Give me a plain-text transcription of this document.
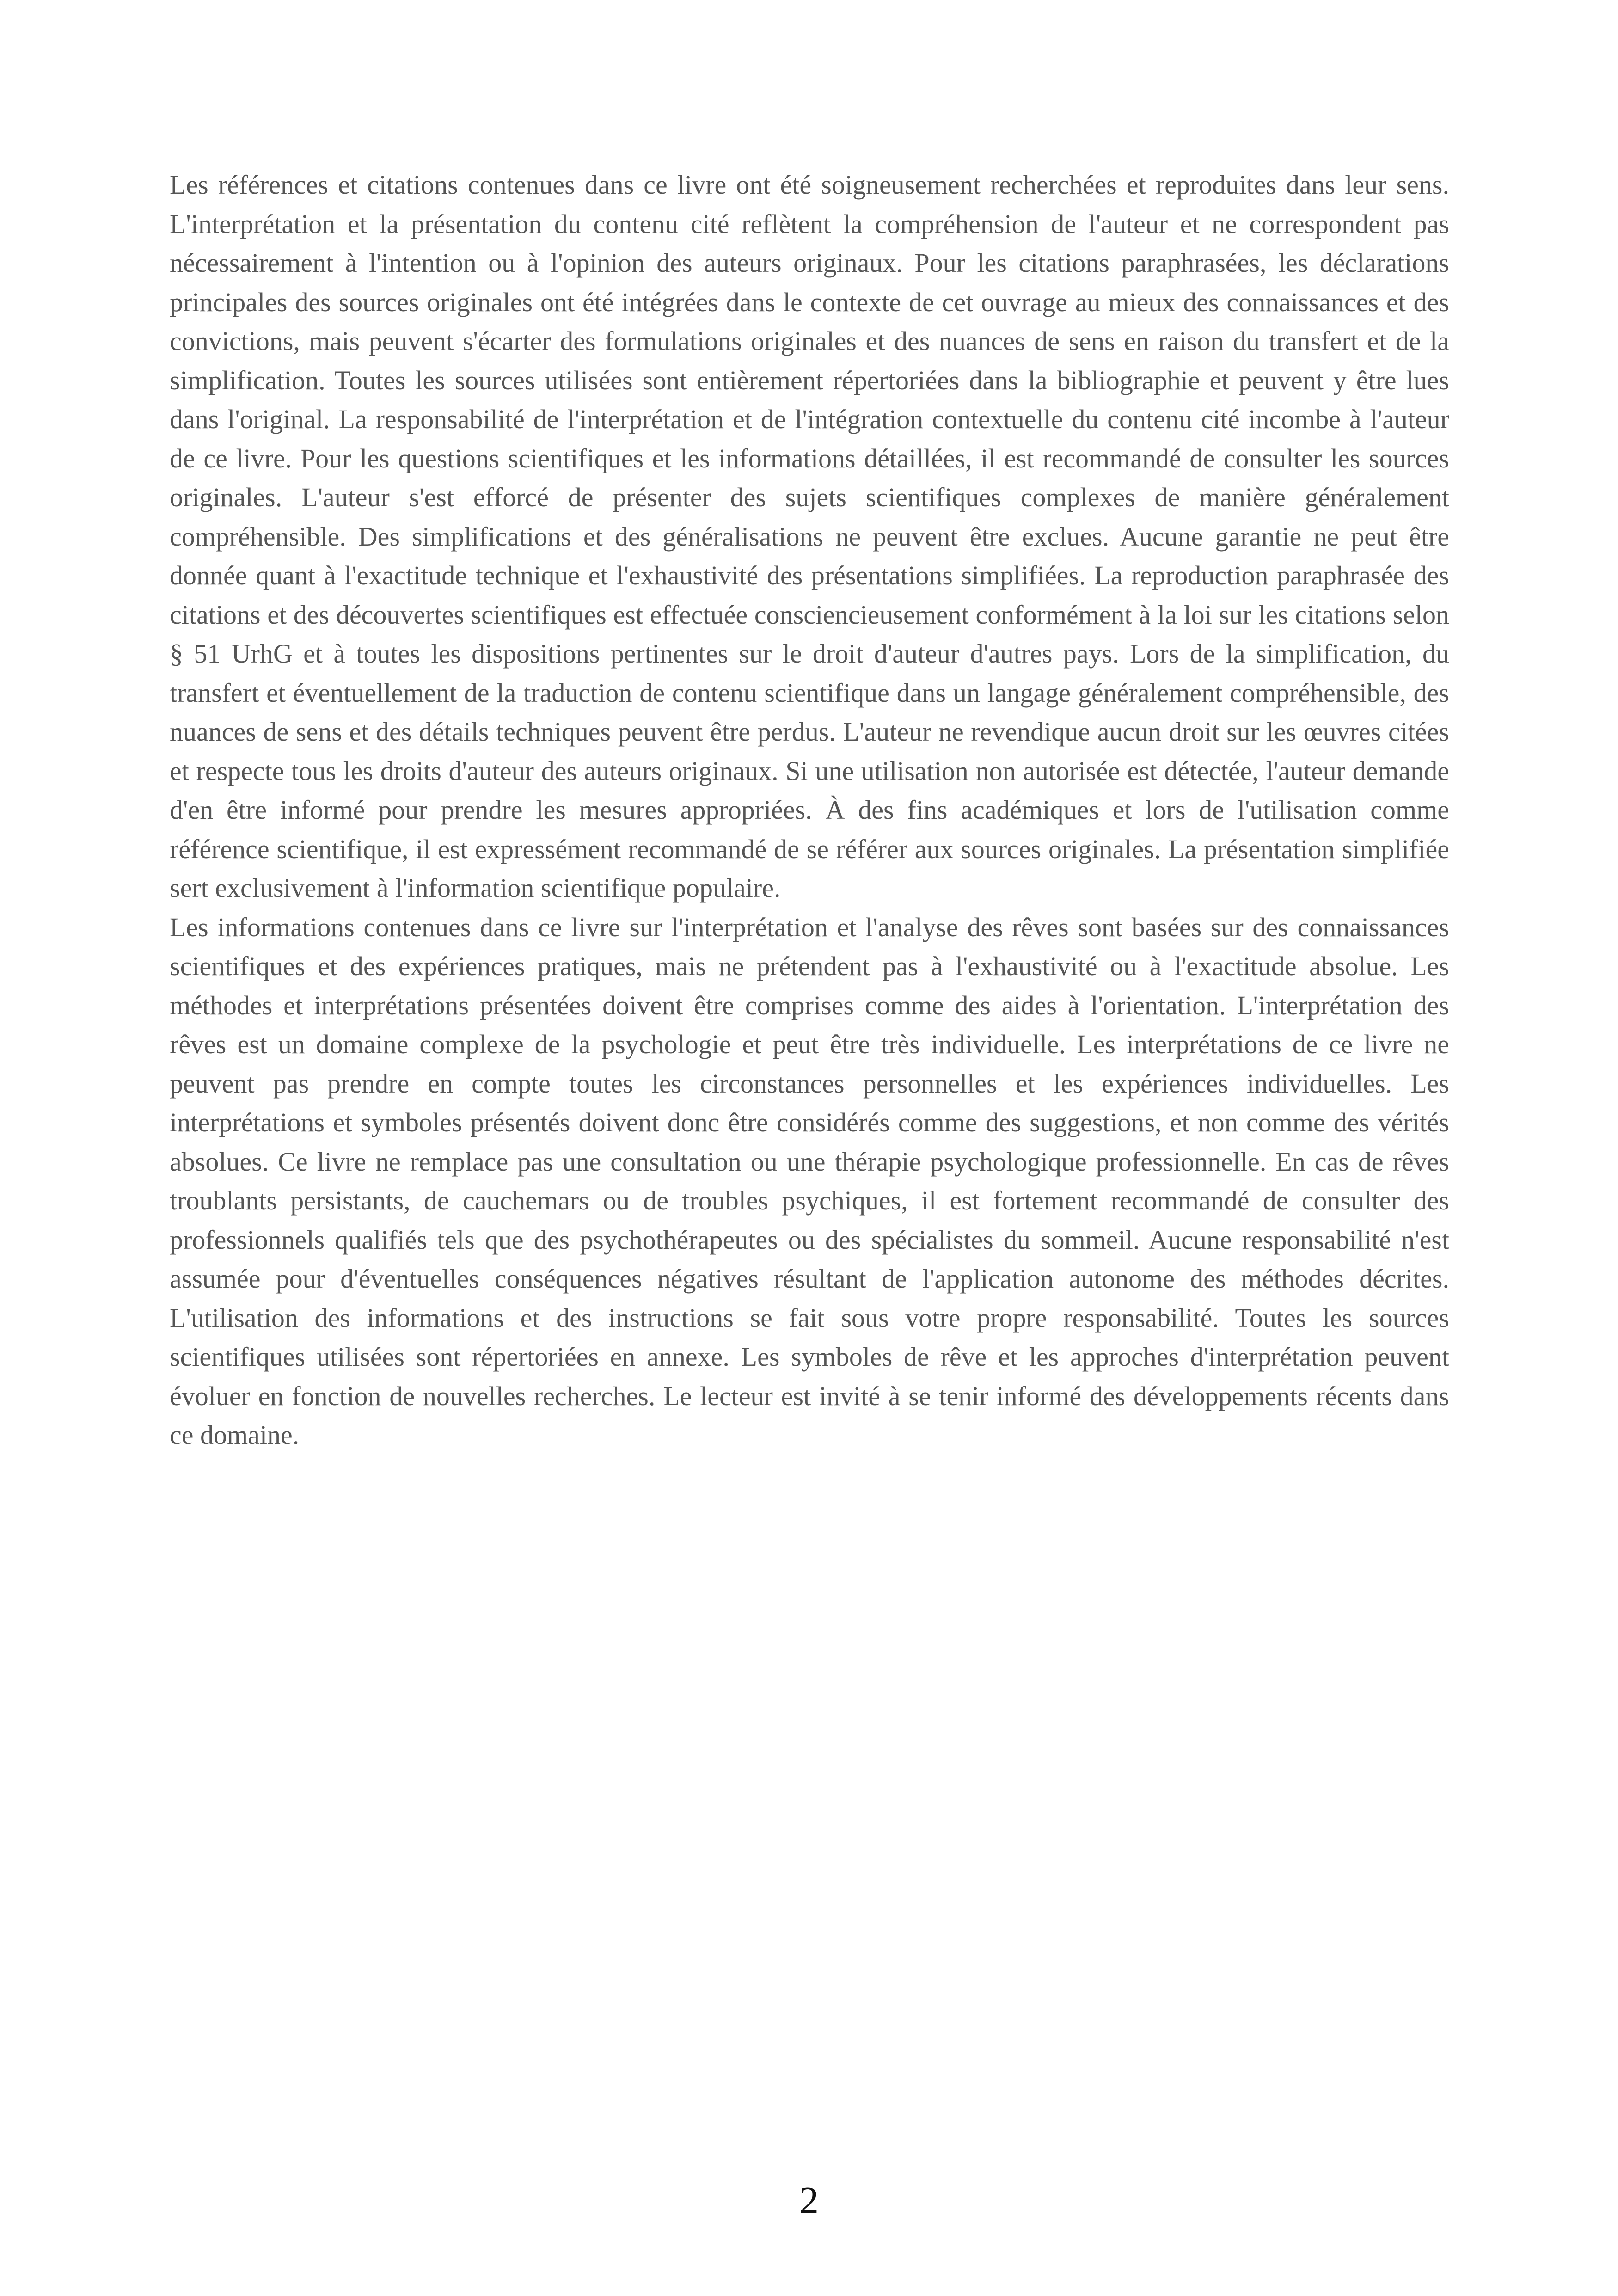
Les références et citations contenues dans ce livre ont été soigneusement recherchées et reproduites dans leur sens. L'interprétation et la présentation du contenu cité reflètent la compréhension de l'auteur et ne correspondent pas nécessairement à l'intention ou à l'opinion des auteurs originaux. Pour les citations paraphrasées, les déclarations principales des sources originales ont été intégrées dans le contexte de cet ouvrage au mieux des connaissances et des convictions, mais peuvent s'écarter des formulations originales et des nuances de sens en raison du transfert et de la simplification. Toutes les sources utilisées sont entièrement répertoriées dans la bibliographie et peuvent y être lues dans l'original. La responsabilité de l'interprétation et de l'intégration contextuelle du contenu cité incombe à l'auteur de ce livre. Pour les questions scientifiques et les informations détaillées, il est recommandé de consulter les sources originales. L'auteur s'est efforcé de présenter des sujets scientifiques complexes de manière généralement compréhensible. Des simplifications et des généralisations ne peuvent être exclues. Aucune garantie ne peut être donnée quant à l'exactitude technique et l'exhaustivité des présentations simplifiées. La reproduction paraphrasée des citations et des découvertes scientifiques est effectuée consciencieusement conformément à la loi sur les citations selon § 51 UrhG et à toutes les dispositions pertinentes sur le droit d'auteur d'autres pays. Lors de la simplification, du transfert et éventuellement de la traduction de contenu scientifique dans un langage généralement compréhensible, des nuances de sens et des détails techniques peuvent être perdus. L'auteur ne revendique aucun droit sur les œuvres citées et respecte tous les droits d'auteur des auteurs originaux. Si une utilisation non autorisée est détectée, l'auteur demande d'en être informé pour prendre les mesures appropriées. À des fins académiques et lors de l'utilisation comme référence scientifique, il est expressément recommandé de se référer aux sources originales. La présentation simplifiée sert exclusivement à l'information scientifique populaire.

Les informations contenues dans ce livre sur l'interprétation et l'analyse des rêves sont basées sur des connaissances scientifiques et des expériences pratiques, mais ne prétendent pas à l'exhaustivité ou à l'exactitude absolue. Les méthodes et interprétations présentées doivent être comprises comme des aides à l'orientation. L'interprétation des rêves est un domaine complexe de la psychologie et peut être très individuelle. Les interprétations de ce livre ne peuvent pas prendre en compte toutes les circonstances personnelles et les expériences individuelles. Les interprétations et symboles présentés doivent donc être considérés comme des suggestions, et non comme des vérités absolues. Ce livre ne remplace pas une consultation ou une thérapie psychologique professionnelle. En cas de rêves troublants persistants, de cauchemars ou de troubles psychiques, il est fortement recommandé de consulter des professionnels qualifiés tels que des psychothérapeutes ou des spécialistes du sommeil. Aucune responsabilité n'est assumée pour d'éventuelles conséquences négatives résultant de l'application autonome des méthodes décrites. L'utilisation des informations et des instructions se fait sous votre propre responsabilité. Toutes les sources scientifiques utilisées sont répertoriées en annexe. Les symboles de rêve et les approches d'interprétation peuvent évoluer en fonction de nouvelles recherches. Le lecteur est invité à se tenir informé des développements récents dans ce domaine.

2
